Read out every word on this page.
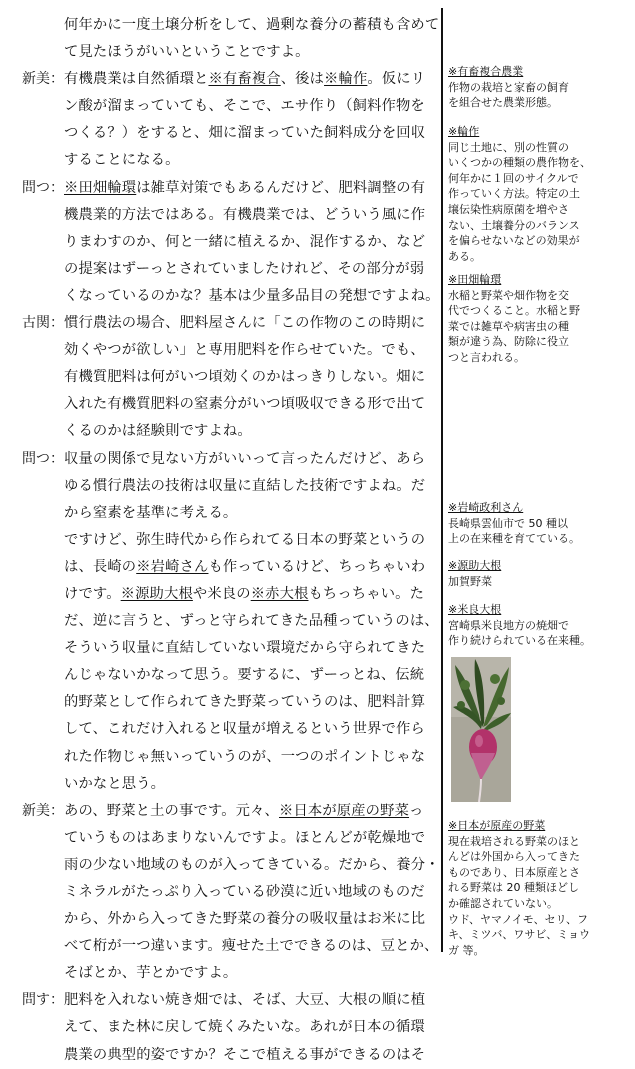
何年かに一度土壌分析をして、過剰な養分の蓄積も含めて
て見たほうがいいということですよ。

新美： 有機農業は自然循環と※有畜複合、後は※輪作。仮にリ
ン酸が溜まっていても、そこで、エサ作り（飼料作物を
つくる？）をすると、畑に溜まっていた飼料成分を回収
することになる。

問つ： ※田畑輪環は雑草対策でもあるんだけど、肥料調整の有
機農業的方法ではある。有機農業では、どういう風に作
りまわすのか、何と一緒に植えるか、混作するか、など
の提案はずーっとされていましたけれど、その部分が弱
くなっているのかな？基本は少量多品目の発想ですよね。

古関： 慣行農法の場合、肥料屋さんに「この作物のこの時期に
効くやつが欲しい」と専用肥料を作らせていた。でも、
有機質肥料は何がいつ頃効くのかはっきりしない。畑に
入れた有機質肥料の窒素分がいつ頃吸収できる形で出て
くるのかは経験則ですよね。

問つ： 収量の関係で見ない方がいいって言ったんだけど、あら
ゆる慣行農法の技術は収量に直結した技術ですよね。だ
から窒素を基準に考える。
ですけど、弥生時代から作られてる日本の野菜というの
は、長崎の※岩崎さんも作っているけど、ちっちゃいわ
けです。※源助大根や米良の※赤大根もちっちゃい。た
だ、逆に言うと、ずっと守られてきた品種っていうのは、
そういう収量に直結していない環境だから守られてきた
んじゃないかなって思う。要するに、ずーっとね、伝統
的野菜として作られてきた野菜っていうのは、肥料計算
して、これだけ入れると収量が増えるという世界で作ら
れた作物じゃ無いっていうのが、一つのポイントじゃな
いかなと思う。

新美： あの、野菜と土の事です。元々、※日本が原産の野菜っ
ていうものはあまりないんですよ。ほとんどが乾燥地で
雨の少ない地域のものが入ってきている。だから、養分・
ミネラルがたっぷり入っている砂漠に近い地域のものだ
から、外から入ってきた野菜の養分の吸収量はお米に比
べて桁が一つ違います。痩せた土でできるのは、豆とか、
そばとか、芋とかですよ。

問す： 肥料を入れない焼き畑では、そば、大豆、大根の順に植
えて、また林に戻して焼くみたいな。あれが日本の循環
農業の典型的姿ですか？そこで植える事ができるのはそ

※有畜複合農業
作物の栽培と家畜の飼育
を組合せた農業形態。
※輪作
同じ土地に、別の性質の
いくつかの種類の農作物を、
何年かに１回のサイクルで
作っていく方法。特定の土
壌伝染性病原菌を増やさ
ない、土壌養分のバランス
を偏らせないなどの効果が
ある。
※田畑輪環
水稲と野菜や畑作物を交
代でつくること。水稲と野
菜では雑草や病害虫の種
類が違う為、防除に役立
つと言われる。
※岩崎政利さん
長崎県雲仙市で 50 種以
上の在来種を育てている。
※源助大根
加賀野菜
※米良大根
宮崎県米良地方の焼畑で
作り続けられている在来種。
※日本が原産の野菜
現在栽培される野菜のほと
んどは外国から入ってきた
ものであり、日本原産とさ
れる野菜は 20 種類ほどし
か確認されていない。
ウド、ヤマノイモ、セリ、フ
キ、ミツバ、ワサビ、ミョウ
ガ 等。
